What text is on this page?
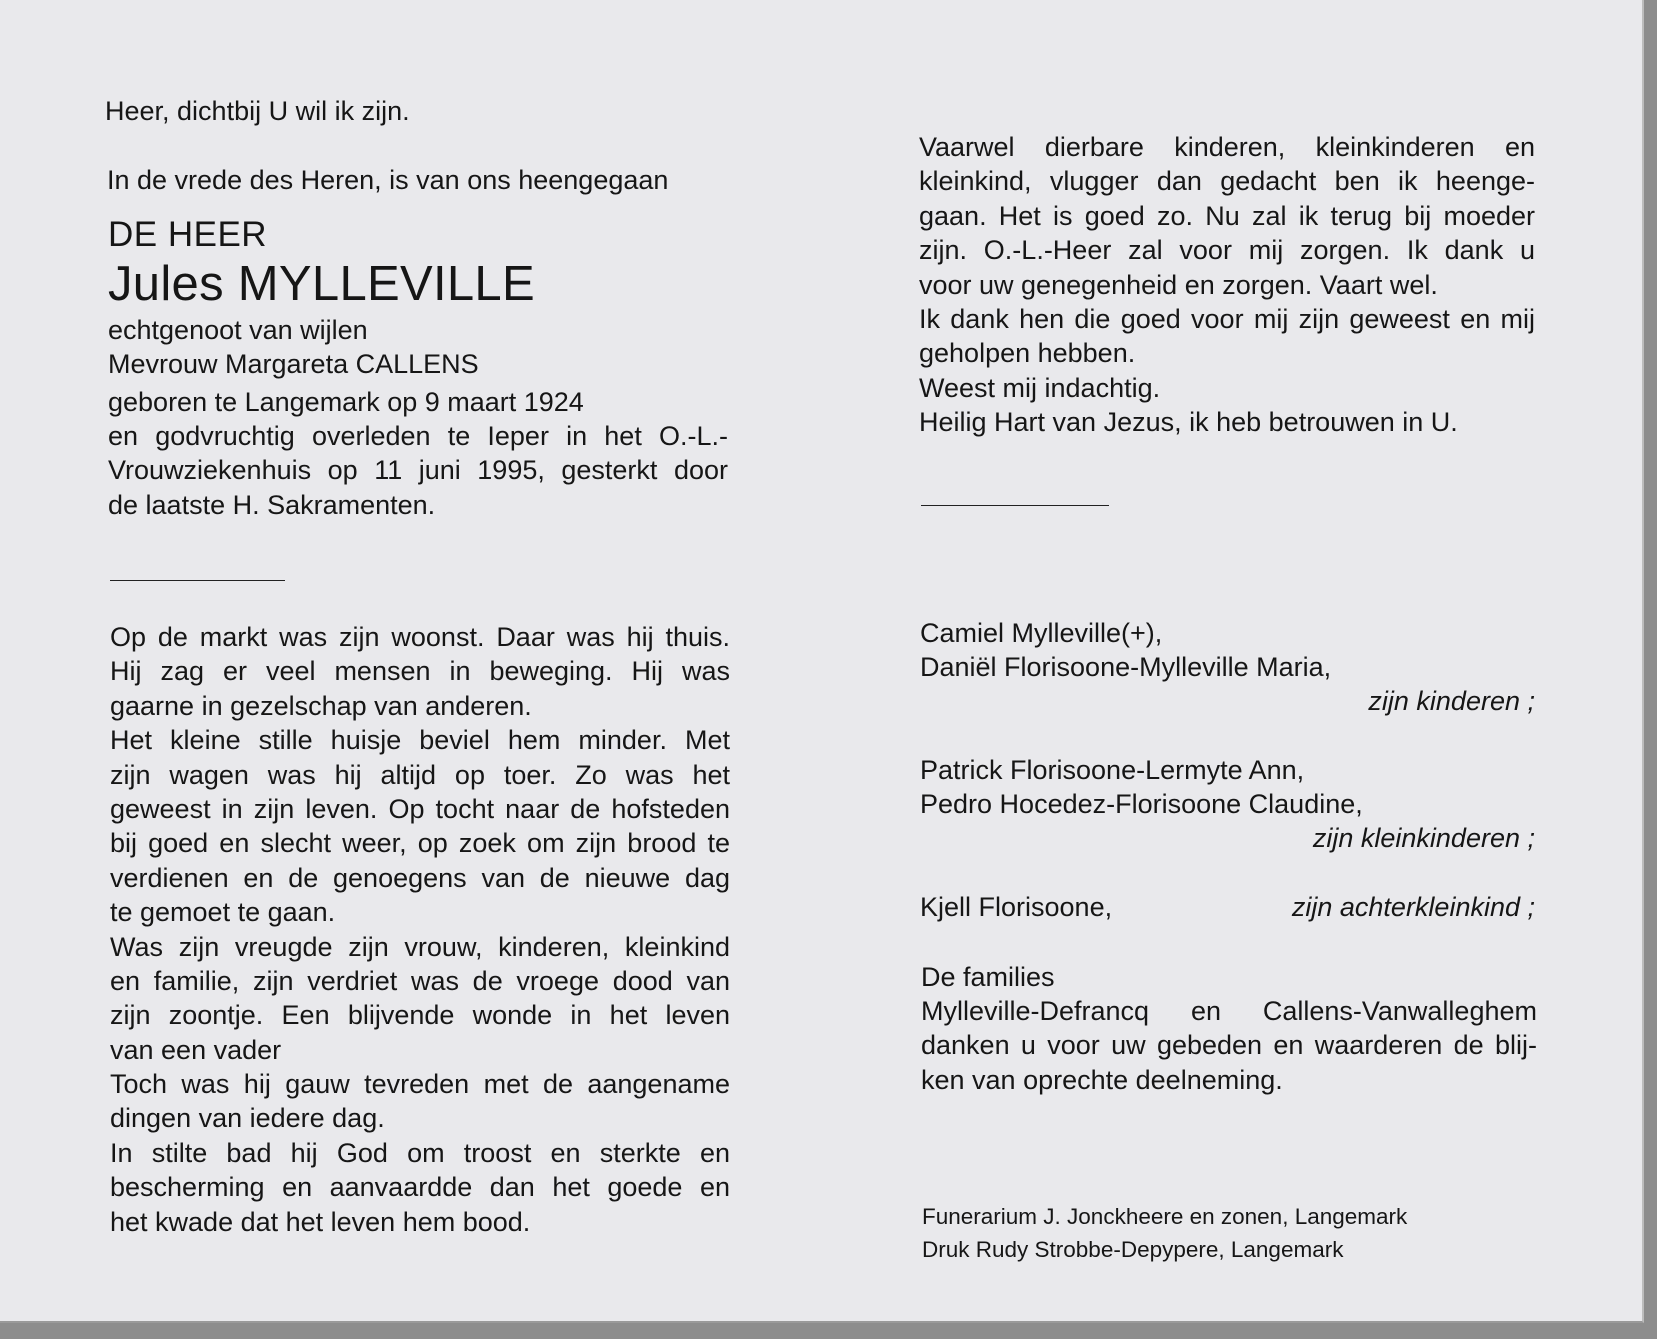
Heer, dichtbij U wil ik zijn.
In de vrede des Heren, is van ons heengegaan
DE HEER
Jules MYLLEVILLE
echtgenoot van wijlen
Mevrouw Margareta CALLENS
geboren te Langemark op 9 maart 1924
en godvruchtig overleden te Ieper in het O.-L.-
Vrouwziekenhuis op 11 juni 1995, gesterkt door
de laatste H. Sakramenten.
Op de markt was zijn woonst. Daar was hij thuis.
Hij zag er veel mensen in beweging. Hij was
gaarne in gezelschap van anderen.
Het kleine stille huisje beviel hem minder. Met
zijn wagen was hij altijd op toer. Zo was het
geweest in zijn leven. Op tocht naar de hofsteden
bij goed en slecht weer, op zoek om zijn brood te
verdienen en de genoegens van de nieuwe dag
te gemoet te gaan.
Was zijn vreugde zijn vrouw, kinderen, kleinkind
en familie, zijn verdriet was de vroege dood van
zijn zoontje. Een blijvende wonde in het leven
van een vader
Toch was hij gauw tevreden met de aangename
dingen van iedere dag.
In stilte bad hij God om troost en sterkte en
bescherming en aanvaardde dan het goede en
het kwade dat het leven hem bood.
Vaarwel dierbare kinderen, kleinkinderen en
kleinkind, vlugger dan gedacht ben ik heenge-
gaan. Het is goed zo. Nu zal ik terug bij moeder
zijn. O.-L.-Heer zal voor mij zorgen. Ik dank u
voor uw genegenheid en zorgen. Vaart wel.
Ik dank hen die goed voor mij zijn geweest en mij
geholpen hebben.
Weest mij indachtig.
Heilig Hart van Jezus, ik heb betrouwen in U.
Camiel Mylleville(+),
Daniël Florisoone-Mylleville Maria,
zijn kinderen ;
Patrick Florisoone-Lermyte Ann,
Pedro Hocedez-Florisoone Claudine,
zijn kleinkinderen ;
Kjell Florisoone,	zijn achterkleinkind ;
De families
Mylleville-Defrancq en Callens-Vanwalleghem
danken u voor uw gebeden en waarderen de blij-
ken van oprechte deelneming.
Funerarium J. Jonckheere en zonen, Langemark
Druk Rudy Strobbe-Depypere, Langemark
